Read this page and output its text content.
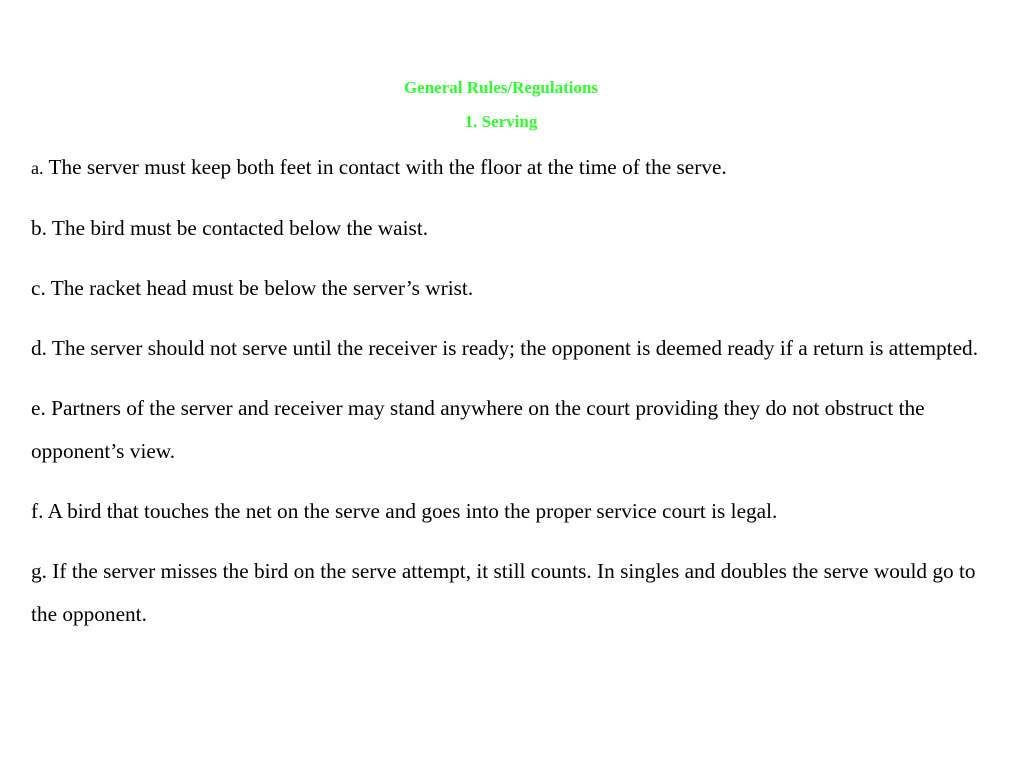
General Rules/Regulations
1. Serving

a. The server must keep both feet in contact with the floor at the time of the serve.

b. The bird must be contacted below the waist.

c. The racket head must be below the server’s wrist.

d. The server should not serve until the receiver is ready; the opponent is deemed ready if a return is attempted.

e. Partners of the server and receiver may stand anywhere on the court providing they do not obstruct the opponent’s view.

f. A bird that touches the net on the serve and goes into the proper service court is legal.

g. If the server misses the bird on the serve attempt, it still counts. In singles and doubles the serve would go to the opponent.
